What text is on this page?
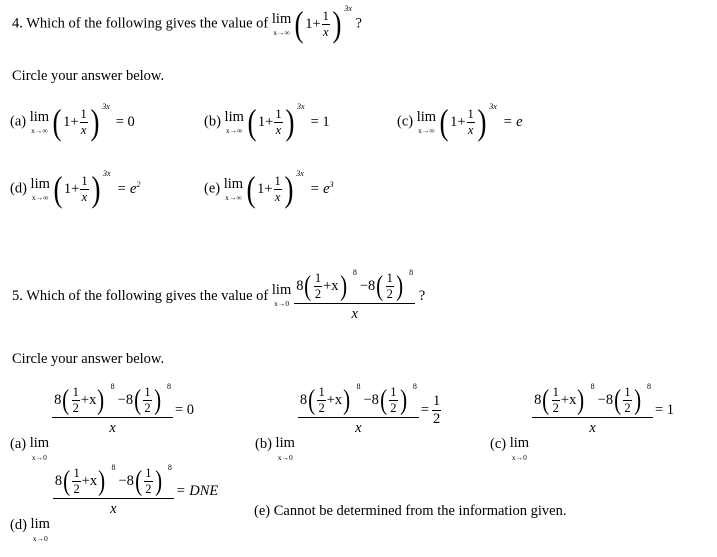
4. Which of the following gives the value of lim
x→∞ ( $1 + \frac{1}{x}$ ) 3x
?
Circle your answer below.
(a) lim
x→∞ ( $1 + \frac{1}{x}$ ) 3x
= 0	(b) lim
x→∞ ( $1 + \frac{1}{x}$ ) 3x
= 1	(c) lim
x→∞ ( $1 + \frac{1}{x}$ ) 3x
= e
(d) lim
x→∞ ( $1 + \frac{1}{x}$ ) 3x
= $e^2$	(e) lim
x→∞ ( $1 + \frac{1}{x}$ ) 3x
= $e^3$
5. Which of the following gives the value of lim
x→0 8 ( $\frac{1}{2} +x$ ) 8
−8 ( $\frac{1}{2}$ ) 8
x ?
Circle your answer below.
(a) lim
x→0
8 ( $\frac{1}{2} +x$ ) 8
−8 ( $\frac{1}{2}$ ) 8
x = 0
(b) lim
x→0
8 ( $\frac{1}{2} +x$ ) 8
−8 ( $\frac{1}{2}$ ) 8
$x = \frac{1}{2}$
(c) lim
x→0
8 ( $\frac{1}{2} +x$ ) 8
−8 ( $\frac{1}{2}$ ) 8
x = 1
(d) lim
x→0
8 ( $\frac{1}{2} +x$ ) 8
−8 ( $\frac{1}{2}$ ) 8
x = DNE
(e) Cannot be determined from the information given.
